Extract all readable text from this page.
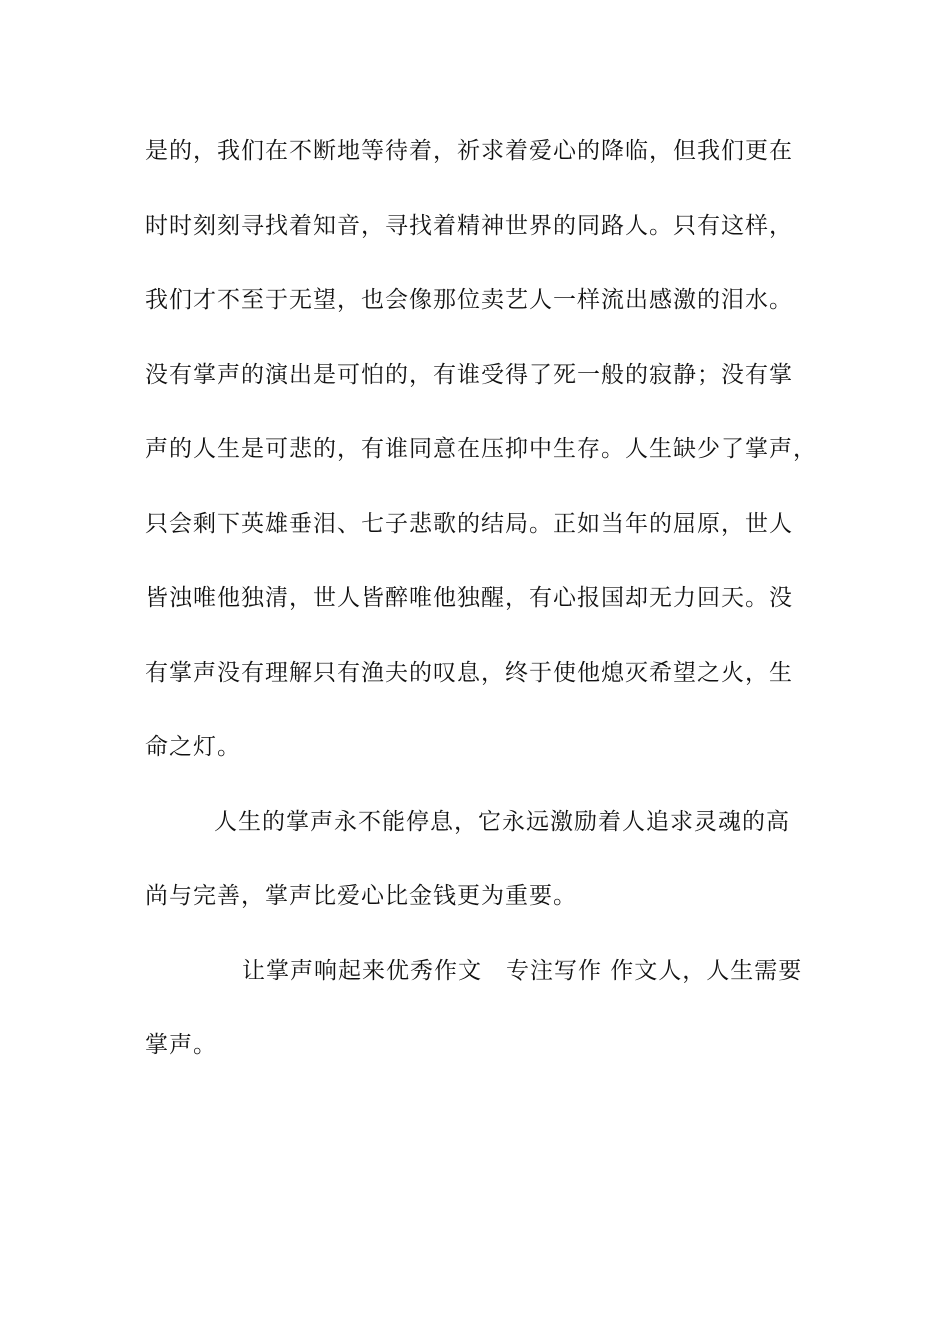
是的，我们在不断地等待着，祈求着爱心的降临，但我们更在
时时刻刻寻找着知音，寻找着精神世界的同路人。只有这样，
我们才不至于无望，也会像那位卖艺人一样流出感激的泪水。
没有掌声的演出是可怕的，有谁受得了死一般的寂静；没有掌
声的人生是可悲的，有谁同意在压抑中生存。人生缺少了掌声，
只会剩下英雄垂泪、七子悲歌的结局。正如当年的屈原，世人
皆浊唯他独清，世人皆醉唯他独醒，有心报国却无力回天。没
有掌声没有理解只有渔夫的叹息，终于使他熄灭希望之火，生
命之灯。
人生的掌声永不能停息，它永远激励着人追求灵魂的高
尚与完善，掌声比爱心比金钱更为重要。
让掌声响起来优秀作文　专注写作 作文人，人生需要
掌声。
